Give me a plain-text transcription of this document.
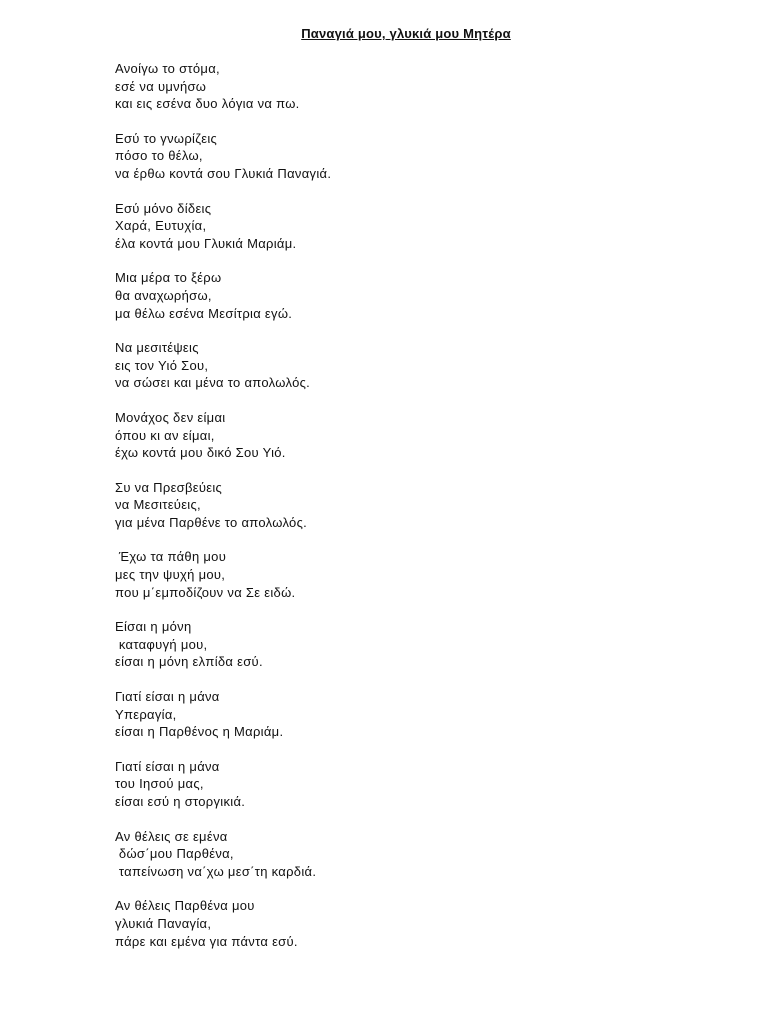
Παναγιά μου, γλυκιά μου Μητέρα
Ανοίγω το στόμα,
εσέ να υμνήσω
και εις εσένα δυο λόγια να πω.
Εσύ το γνωρίζεις
πόσο το θέλω,
να έρθω κοντά σου Γλυκιά Παναγιά.
Εσύ μόνο δίδεις
Χαρά, Ευτυχία,
έλα κοντά μου Γλυκιά Μαριάμ.
Μια μέρα το ξέρω
θα αναχωρήσω,
μα θέλω εσένα Μεσίτρια εγώ.
Να μεσιτέψεις
εις τον Υιό Σου,
να σώσει και μένα το απολωλός.
Μονάχος δεν είμαι
όπου κι αν είμαι,
έχω κοντά μου δικό Σου Υιό.
Συ να Πρεσβεύεις
να Μεσιτεύεις,
για μένα Παρθένε το απολωλός.
Έχω τα πάθη μου
μες την ψυχή μου,
που μ΄εμποδίζουν να Σε ειδώ.
Είσαι η μόνη
καταφυγή μου,
είσαι η μόνη ελπίδα εσύ.
Γιατί είσαι η μάνα
Υπεραγία,
είσαι η Παρθένος η Μαριάμ.
Γιατί είσαι η μάνα
του Ιησού μας,
είσαι εσύ η στοργικιά.
Αν θέλεις σε εμένα
δώσ΄μου Παρθένα,
ταπείνωση να΄χω μεσ΄τη καρδιά.
Αν θέλεις Παρθένα μου
γλυκιά Παναγία,
πάρε και εμένα για πάντα εσύ.
